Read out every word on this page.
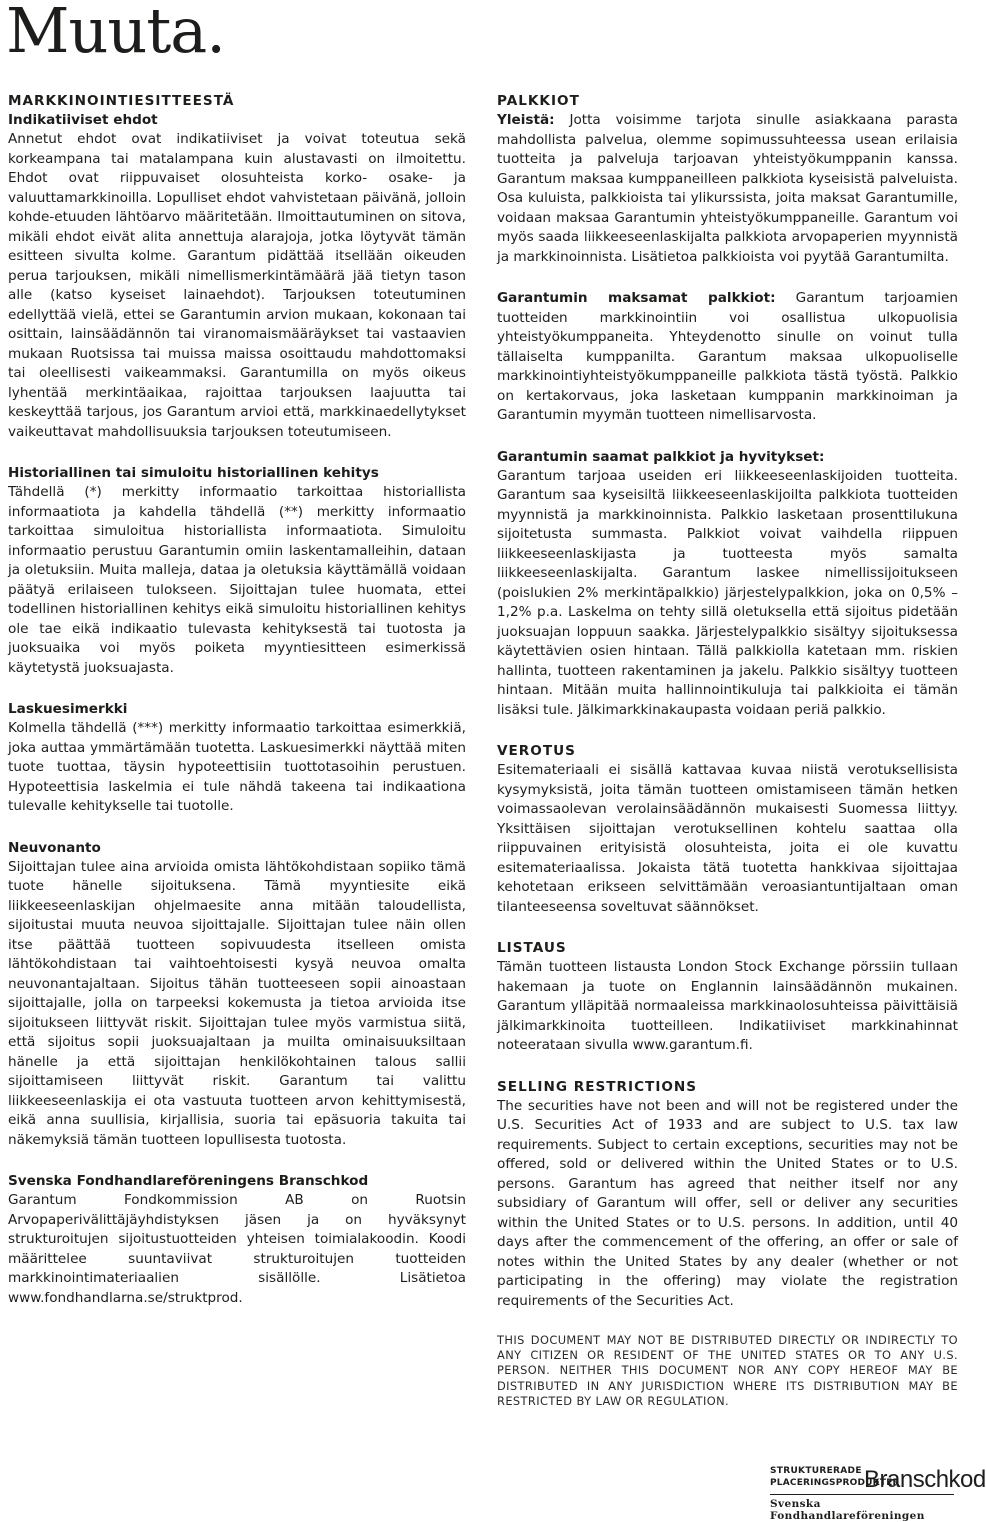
Muuta.
MARKKINOINTIESITTEESTÄ
Indikatiiviset ehdot

Annetut ehdot ovat indikatiiviset ja voivat toteutua sekä korkeampana tai matalampana kuin alustavasti on ilmoitettu. Ehdot ovat riippuvaiset olosuhteista korko- osake- ja valuuttamarkkinoilla. Lopulliset ehdot vahvistetaan päivänä, jolloin kohde-etuuden lähtöarvo määritetään. Ilmoittautuminen on sitova, mikäli ehdot eivät alita annettuja alarajoja, jotka löytyvät tämän esitteen sivulta kolme. Garantum pidättää itsellään oikeuden perua tarjouksen, mikäli nimellismerkintämäärä jää tietyn tason alle (katso kyseiset lainaehdot). Tarjouksen toteutuminen edellyttää vielä, ettei se Garantumin arvion mukaan, kokonaan tai osittain, lainsäädännön tai viranomaismääräykset tai vastaavien mukaan Ruotsissa tai muissa maissa osoittaudu mahdottomaksi tai oleellisesti vaikeammaksi. Garantumilla on myös oikeus lyhentää merkintäaikaa, rajoittaa tarjouksen laajuutta tai keskeyttää tarjous, jos Garantum arvioi että, markkinaedellytykset vaikeuttavat mahdollisuuksia tarjouksen toteutumiseen.

Historiallinen tai simuloitu historiallinen kehitys

Tähdellä (*) merkitty informaatio tarkoittaa historiallista informaatiota ja kahdella tähdellä (**) merkitty informaatio tarkoittaa simuloitua historiallista informaatiota. Simuloitu informaatio perustuu Garantumin omiin laskentamalleihin, dataan ja oletuksiin. Muita malleja, dataa ja oletuksia käyttämällä voidaan päätyä erilaiseen tulokseen. Sijoittajan tulee huomata, ettei todellinen historiallinen kehitys eikä simuloitu historiallinen kehitys ole tae eikä indikaatio tulevasta kehityksestä tai tuotosta ja juoksuaika voi myös poiketa myyntiesitteen esimerkissä käytetystä juoksuajasta.

Laskuesimerkki

Kolmella tähdellä (***) merkitty informaatio tarkoittaa esimerkkiä, joka auttaa ymmärtämään tuotetta. Laskuesimerkki näyttää miten tuote tuottaa, täysin hypoteettisiin tuottotasoihin perustuen. Hypoteettisia laskelmia ei tule nähdä takeena tai indikaationa tulevalle kehitykselle tai tuotolle.

Neuvonanto

Sijoittajan tulee aina arvioida omista lähtökohdistaan sopiiko tämä tuote hänelle sijoituksena. Tämä myyntiesite eikä liikkeeseenlaskijan ohjelmaesite anna mitään taloudellista, sijoitustai muuta neuvoa sijoittajalle. Sijoittajan tulee näin ollen itse päättää tuotteen sopivuudesta itselleen omista lähtökohdistaan tai vaihtoehtoisesti kysyä neuvoa omalta neuvonantajaltaan. Sijoitus tähän tuotteeseen sopii ainoastaan sijoittajalle, jolla on tarpeeksi kokemusta ja tietoa arvioida itse sijoitukseen liittyvät riskit. Sijoittajan tulee myös varmistua siitä, että sijoitus sopii juoksuajaltaan ja muilta ominaisuuksiltaan hänelle ja että sijoittajan henkilökohtainen talous sallii sijoittamiseen liittyvät riskit. Garantum tai valittu liikkeeseenlaskija ei ota vastuuta tuotteen arvon kehittymisestä, eikä anna suullisia, kirjallisia, suoria tai epäsuoria takuita tai näkemyksiä tämän tuotteen lopullisesta tuotosta.

Svenska Fondhandlareföreningens Branschkod

Garantum Fondkommission AB on Ruotsin Arvopaperivälittäjäyhdistyksen jäsen ja on hyväksynyt strukturoitujen sijoitustuotteiden yhteisen toimialakoodin. Koodi määrittelee suuntaviivat strukturoitujen tuotteiden markkinointimateriaalien sisällölle. Lisätietoa www.fondhandlarna.se/struktprod.

PALKKIOT

Yleistä: Jotta voisimme tarjota sinulle asiakkaana parasta mahdollista palvelua, olemme sopimussuhteessa usean erilaisia tuotteita ja palveluja tarjoavan yhteistyökumppanin kanssa. Garantum maksaa kumppaneilleen palkkiota kyseisistä palveluista. Osa kuluista, palkkioista tai ylikurssista, joita maksat Garantumille, voidaan maksaa Garantumin yhteistyökumppaneille. Garantum voi myös saada liikkeeseenlaskijalta palkkiota arvopaperien myynnistä ja markkinoinnista. Lisätietoa palkkioista voi pyytää Garantumilta.

Garantumin maksamat palkkiot: Garantum tarjoamien tuotteiden markkinointiin voi osallistua ulkopuolisia yhteistyökumppaneita. Yhteydenotto sinulle on voinut tulla tällaiselta kumppanilta. Garantum maksaa ulkopuoliselle markkinointiyhteistyökumppaneille palkkiota tästä työstä. Palkkio on kertakorvaus, joka lasketaan kumppanin markkinoiman ja Garantumin myymän tuotteen nimellisarvosta.

Garantumin saamat palkkiot ja hyvitykset:

Garantum tarjoaa useiden eri liikkeeseenlaskijoiden tuotteita. Garantum saa kyseisiltä liikkeeseenlaskijoilta palkkiota tuotteiden myynnistä ja markkinoinnista. Palkkio lasketaan prosenttilukuna sijoitetusta summasta. Palkkiot voivat vaihdella riippuen liikkeeseenlaskijasta ja tuotteesta myös samalta liikkeeseenlaskijalta. Garantum laskee nimellissijoitukseen (poislukien 2% merkintäpalkkio) järjestelypalkkion, joka on 0,5% – 1,2% p.a. Laskelma on tehty sillä oletuksella että sijoitus pidetään juoksuajan loppuun saakka. Järjestelypalkkio sisältyy sijoituksessa käytettävien osien hintaan. Tällä palkkiolla katetaan mm. riskien hallinta, tuotteen rakentaminen ja jakelu. Palkkio sisältyy tuotteen hintaan. Mitään muita hallinnointikuluja tai palkkioita ei tämän lisäksi tule. Jälkimarkkinakaupasta voidaan periä palkkio.

VEROTUS

Esitemateriaali ei sisällä kattavaa kuvaa niistä verotuksellisista kysymyksistä, joita tämän tuotteen omistamiseen tämän hetken voimassaolevan verolainsäädännön mukaisesti Suomessa liittyy. Yksittäisen sijoittajan verotuksellinen kohtelu saattaa olla riippuvainen erityisistä olosuhteista, joita ei ole kuvattu esitemateriaalissa. Jokaista tätä tuotetta hankkivaa sijoittajaa kehotetaan erikseen selvittämään veroasiantuntijaltaan oman tilanteeseensa soveltuvat säännökset.

LISTAUS

Tämän tuotteen listausta London Stock Exchange pörssiin tullaan hakemaan ja tuote on Englannin lainsäädännön mukainen. Garantum ylläpitää normaaleissa markkinaolosuhteissa päivittäisiä jälkimarkkinoita tuotteilleen. Indikatiiviset markkinahinnat noteerataan sivulla www.garantum.fi.

SELLING RESTRICTIONS

The securities have not been and will not be registered under the U.S. Securities Act of 1933 and are subject to U.S. tax law requirements. Subject to certain exceptions, securities may not be offered, sold or delivered within the United States or to U.S. persons. Garantum has agreed that neither itself nor any subsidiary of Garantum will offer, sell or deliver any securities within the United States or to U.S. persons. In addition, until 40 days after the commencement of the offering, an offer or sale of notes within the United States by any dealer (whether or not participating in the offering) may violate the registration requirements of the Securities Act.

THIS DOCUMENT MAY NOT BE DISTRIBUTED DIRECTLY OR INDIRECTLY TO ANY CITIZEN OR RESIDENT OF THE UNITED STATES OR TO ANY U.S. PERSON. NEITHER THIS DOCUMENT NOR ANY COPY HEREOF MAY BE DISTRIBUTED IN ANY JURISDICTION WHERE ITS DISTRIBUTION MAY BE RESTRICTED BY LAW OR REGULATION.
STRUKTURERADE
PLACERINGSPRODUKTER
Branschkod
Svenska Fondhandlareföreningen
